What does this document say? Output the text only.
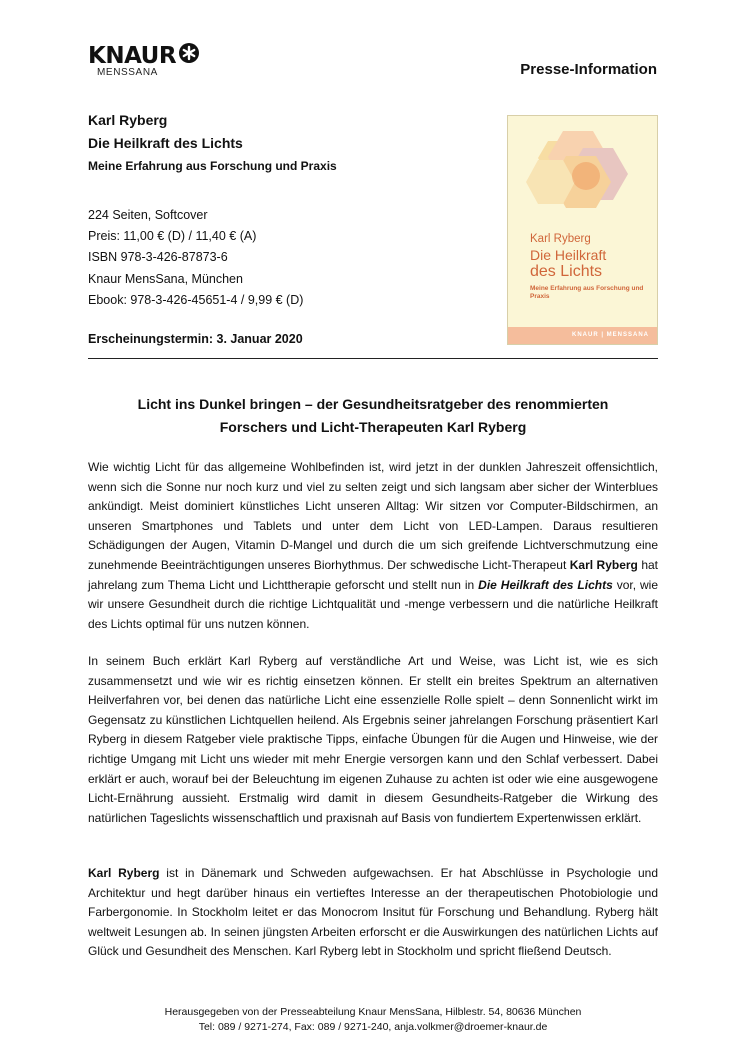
KNAUR
MENSSANA	Presse-Information
Karl Ryberg
Die Heilkraft des Lichts
Meine Erfahrung aus Forschung und Praxis
224 Seiten, Softcover
Preis: 11,00 € (D) / 11,40 € (A)
ISBN 978-3-426-87873-6
Knaur MensSana, München
Ebook: 978-3-426-45651-4 / 9,99 € (D)
Erscheinungstermin: 3. Januar 2020
Karl Ryberg
Die Heilkraft
des Lichts
Meine Erfahrung aus Forschung und Praxis
KNAUR | MENSSANA
Licht ins Dunkel bringen – der Gesundheitsratgeber des renommierten
Forschers und Licht-Therapeuten Karl Ryberg
Wie wichtig Licht für das allgemeine Wohlbefinden ist, wird jetzt in der dunklen Jahreszeit offensichtlich, wenn sich die Sonne nur noch kurz und viel zu selten zeigt und sich langsam aber sicher der Winterblues ankündigt. Meist dominiert künstliches Licht unseren Alltag: Wir sitzen vor Computer-Bildschirmen, an unseren Smartphones und Tablets und unter dem Licht von LED-Lampen. Daraus resultieren Schädigungen der Augen, Vitamin D-Mangel und durch die um sich greifende Lichtverschmutzung eine zunehmende Beeinträchtigungen unseres Biorhythmus. Der schwedische Licht-Therapeut Karl Ryberg hat jahrelang zum Thema Licht und Lichttherapie geforscht und stellt nun in Die Heilkraft des Lichts vor, wie wir unsere Gesundheit durch die richtige Lichtqualität und -menge verbessern und die natürliche Heilkraft des Lichts optimal für uns nutzen können.
In seinem Buch erklärt Karl Ryberg auf verständliche Art und Weise, was Licht ist, wie es sich zusammensetzt und wie wir es richtig einsetzen können. Er stellt ein breites Spektrum an alternativen Heilverfahren vor, bei denen das natürliche Licht eine essenzielle Rolle spielt – denn Sonnenlicht wirkt im Gegensatz zu künstlichen Lichtquellen heilend. Als Ergebnis seiner jahrelangen Forschung präsentiert Karl Ryberg in diesem Ratgeber viele praktische Tipps, einfache Übungen für die Augen und Hinweise, wie der richtige Umgang mit Licht uns wieder mit mehr Energie versorgen kann und den Schlaf verbessert. Dabei erklärt er auch, worauf bei der Beleuchtung im eigenen Zuhause zu achten ist oder wie eine ausgewogene Licht-Ernährung aussieht. Erstmalig wird damit in diesem Gesundheits-Ratgeber die Wirkung des natürlichen Tageslichts wissenschaftlich und praxisnah auf Basis von fundiertem Expertenwissen erklärt.
Karl Ryberg ist in Dänemark und Schweden aufgewachsen. Er hat Abschlüsse in Psychologie und Architektur und hegt darüber hinaus ein vertieftes Interesse an der therapeutischen Photobiologie und Farbergonomie. In Stockholm leitet er das Monocrom Insitut für Forschung und Behandlung. Ryberg hält weltweit Lesungen ab. In seinen jüngsten Arbeiten erforscht er die Auswirkungen des natürlichen Lichts auf Glück und Gesundheit des Menschen. Karl Ryberg lebt in Stockholm und spricht fließend Deutsch.
Herausgegeben von der Presseabteilung Knaur MensSana, Hilblestr. 54, 80636 München
Tel: 089 / 9271-274, Fax: 089 / 9271-240, anja.volkmer@droemer-knaur.de
